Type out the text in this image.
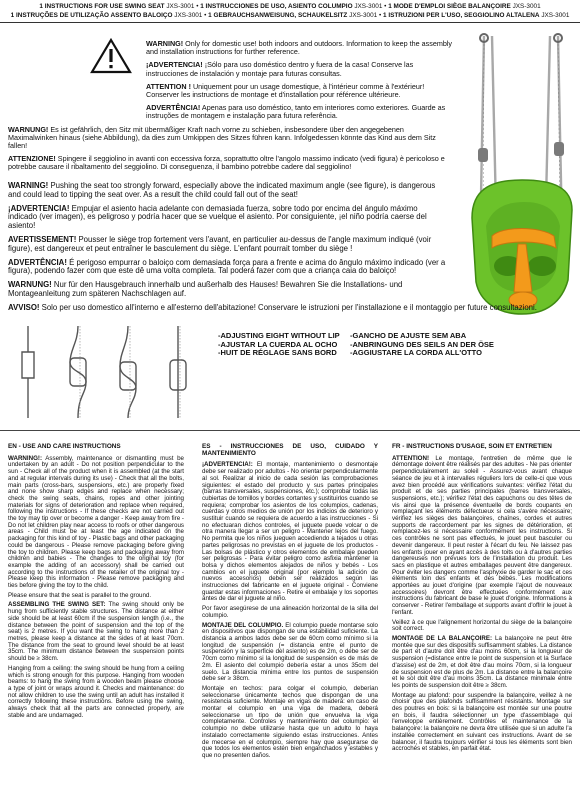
1 INSTRUCTIONS FOR USE SWING SEAT JXS-3001 • 1 INSTRUCCIONES DE USO, ASIENTO COLUMPIO JXS-3001 • 1 MODE D'EMPLOI SIÈGE BALANÇOIRE JXS-3001
1 INSTRUÇÕES DE UTILIZAÇÃO ASSENTO BALOIÇO JXS-3001 • 1 GEBRAUCHSANWEISUNG, SCHAUKELSITZ JXS-3001 • 1 ISTRUZIONI PER L'USO, SEGGIOLINO ALTALENA JXS-3001

WARNING! Only for domestic use! both indoors and outdoors. Information to keep the assembly and installation instructions for further reference.

¡ADVERTENCIA! ¡Sólo para uso doméstico dentro y fuera de la casa! Conserve las instrucciones de instalación y montaje para futuras consultas.

ATTENTION ! Uniquement pour un usage domestique, à l'intérieur comme à l'extérieur! Conserver les instructions de montage et d'installation pour référence ultérieure.

ADVERTÊNCIA! Apenas para uso doméstico, tanto em interiores como exteriores. Guarde as instruções de montagem e instalação para futura referência.

WARNUNG! Es ist gefährlich, den Sitz mit übermäßiger Kraft nach vorne zu schieben, insbesondere über den angegebenen Maximalwinken hinaus (siehe Abbildung), da dies zum Umkippen des Sitzes führen kann. Infolgedessen könnte das Kind aus dem Sitz fallen!

ATTENZIONE! Spingere il seggiolino in avanti con eccessiva forza, soprattutto oltre l'angolo massimo indicato (vedi figura) è pericoloso e potrebbe causare il ribaltamento del seggiolino. Di conseguenza, il bambino potrebbe cadere dal seggiolino!

WARNING! Pushing the seat too strongly forward, especially above the indicated maximum angle (see figure), is dangerous and could lead to tipping the seat over. As a result the child could fall out of the seat!

¡ADVERTENCIA! Empujar el asiento hacia adelante con demasiada fuerza, sobre todo por encima del ángulo máximo indicado (ver imagen), es peligroso y podría hacer que se vuelque el asiento. Por consiguiente, ¡el niño podría caerse del asiento!

AVERTISSEMENT! Pousser le siège trop fortement vers l'avant, en particulier au-dessus de l'angle maximum indiqué (voir figure), est dangereux et peut entraîner le basculement du siège. L'enfant pourrait tomber du siège !

ADVERTÊNCIA! É perigoso empurrar o baloiço com demasiada força para a frente e acima do ângulo máximo indicado (ver a figura), podendo fazer com que este dê uma volta completa. Tal poderá fazer com que a criança caia do baloiço!

WARNUNG! Nur für den Hausgebrauch innerhalb und außerhalb des Hauses! Bewahren Sie die Installations- und Montageanleitung zum späteren Nachschlagen auf.

AVVISO! Solo per uso domestico all'interno e all'esterno dell'abitazione! Conservare le istruzioni per l'installazione e il montaggio per future consultazioni.

-ADJUSTING EIGHT WITHOUT LIP
-AJUSTAR LA CUERDA AL OCHO
-HUIT DE RÉGLAGE SANS BORD
-GANCHO DE AJUSTE SEM ABA
-ANBRINGUNG DES SEILS AN DER ÖSE
-AGGIUSTARE LA CORDA ALL'OTTO

EN - USE AND CARE INSTRUCTIONS

WARNING!: Assembly, maintenance or dismantling must be undertaken by an adult - Do not position perpendicular to the sun - Check all of the product when it is assembled (at the start and at regular intervals during its use) - Check that all the bolts, main parts (cross-bars, suspensions, etc.) are properly fixed and none show sharp edges and replace when necessary; check the swing seats, chains, ropes and other jointing materials for signs of deterioration and replace when required, following the instructions - If these checks are not carried out the toy may tip over or become a danger - Keep away from fire - Do not let children play near access to roofs or other dangerous areas - Child must be at least the age indicated on the packaging for this kind of toy - Plastic bags and other packaging could be dangerous - Please remove packaging before giving the toy to children. Please keep bags and packaging away from children and babies - The changes to the original toy (for example the adding of an accessory) shall be carried out according to the instructions of the retailer of the original toy - Please keep this information - Please remove packaging and ties before giving the toy to the child.

Please ensure that the seat is parallel to the ground.

ASSEMBLING THE SWING SET: The swing should only be hung from sufficiently stable structures. The distance at either side should be at least 60cm if the suspension length (i.e., the distance between the point of suspension and the top of the seat) is 2 metres. If you want the swing to hang more than 2 metres, please keep a distance at the sides of at least 70cm. The distance from the seat to ground level should be at least 35cm. The minimum distance between the suspension points should be ≥ 38cm.

Hanging from a ceiling: the swing should be hung from a ceiling which is strong enough for this purpose. Hanging from wooden beams: to hang the swing from a wooden beam please choose a type of joint or wraps around it. Checks and maintenance: do not allow children to use the swing until an adult has installed it correctly following these instructions. Before using the swing, always check that all the parts are connected properly, are stable and are undamaged.

ES - INSTRUCCIONES DE USO, CUIDADO Y MANTENIMIENTO

¡ADVERTENCIA!: El montaje, mantenimiento o desmontaje debe ser realizado por adultos - No orientar perpendicularmente al sol. Realizar al inicio de cada sesión las comprobaciones siguientes: el estado del producto y sus partes principales (barras transversales, suspensiones, etc.); comprobar todas las cubiertas de tornillos y bordes cortantes y sustituirlos cuando se requiera; comprobar los asientos de los columpios, cadenas, cuerdas y otros medios de unión por los indicios de deterioro y sustituir cuando se requiera de acuerdo a las instrucciones - Si no efectuaran dichos controles, el juguete puede volcar o de otra manera llegar a ser un peligro - Mantener lejos del fuego. No permita que los niños jueguen accediendo a tejados u otras partes peligrosas no previstas en el juguete de los productos - Las bolsas de plástico y otros elementos de embalaje pueden ser peligrosas - Para evitar peligro como asfixia mantener la bolsa y dichos elementos alejados de niños y bebés - Los cambios en el juguete original (por ejemplo la adición de nuevos accesorios) deben ser realizados según las instrucciones del fabricante en el juguete original - Conviene guardar estas informaciones - Retire el embalaje y los soportes antes de dar el juguete al niño.

Por favor asegúrese de una alineación horizontal de la silla del columpio.

MONTAJE DEL COLUMPIO. El columpio puede montarse solo en dispositivos que dispongan de una estabilidad suficiente. La distancia a ambos lados debe ser de 60cm como mínimo si la longitud de suspensión (= distancia entre el punto de suspensión y la superficie del asiento) es de 2m, o debe ser de 70cm como mínimo si la longitud de suspensión es de más de 2m. El asiento del columpio debería estar a unos 35cm del suelo. La distancia mínima entre los puntos de suspensión debe ser ≥ 38cm.

Montaje en techos: para colgar el columpio, deberían seleccionarse únicamente techos que dispongan de una resistencia suficiente. Montaje en vigas de madera: en caso de montar el columpio en una viga de madera, deberá seleccionarse un tipo de unión que envuelva la viga completamente. Controles y mantenimiento del columpio: el columpio no debe utilizarse hasta que un adulto lo haya instalado correctamente siguiendo estas instrucciones. Antes de mecerse en el columpio, siempre hay que asegurarse de que todos los elementos estén bien enganchados y estables y que no presenten daños.

FR - INSTRUCTIONS D'USAGE, SOIN ET ENTRETIEN

ATTENTION! Le montage, l'entretien de même que le démontage doivent être réalisés par des adultes - Ne pas orienter perpendiculairement au soleil - Assurez-vous avant chaque séance de jeu et à intervalles réguliers lors de celle-ci que vous avez bien procédé aux vérifications suivantes: vérifiez l'état du produit et de ses parties principales (barres transversales, suspensions, etc.); vérifiez l'état des capuchons ou des têtes de vis ainsi que la présence éventuelle de bords coupants en remplaçant les éléments défectueux si cela s'avère nécessaire; vérifiez les sièges des balançoires, chaînes, cordes et autres supports de raccordement par les signes de détérioration, et remplacez-les si nécessaire conformément les instructions. Si ces contrôles ne sont pas effectués, le jouet peut basculer ou devenir dangereux. Il peut rester à l'écart du feu. Ne laissez pas les enfants jouer en ayant accès à des toits ou à d'autres parties dangereuses non prévues lors de l'installation du produit. Les sacs en plastique et autres emballages peuvent être dangereux. Pour éviter les dangers comme l'asphyxie de garder le sac et ces éléments loin des enfants et des bébés. Les modifications apportées au jouet d'origine (par exemple l'ajout de nouveaux accessoires) devront être effectuées conformément aux instructions du fabricant de base le jouet d'origine. Informations à conserver - Retirer l'emballage et supports avant d'offrir le jouet à l'enfant.

Veillez à ce que l'alignement horizontal du siège de la balançoire soit correct.

MONTAGE DE LA BALANÇOIRE: La balançoire ne peut être montée que sur des dispositifs suffisamment stables. La distance de part et d'autre doit être d'au moins 60cm, si la longueur de suspension (=distance entre le point de suspension et la Surface d'assise) est de 2m, et doit être d'au moins 70cm, si la longueur de suspension est de plus de 2m. La distance entre la balançoire et le sol doit être d'au moins 35cm. La distance minimale entre les points de suspension doit être ≥ 38cm.

Montage au plafond: pour suspendre la balançoire, veillez à ne choisir que des plafonds suffisamment résistants. Montage sur des poutres en bois: si la balançoire est montée sur une poutre en bois, il faudra sélectionner un type d'assemblage qui l'enveloppe entièrement. Contrôles et maintenance de la balançoire: la balançoire ne devra être utilisée que si un adulte l'a installée correctement en suivant ces instructions. Avant de se balancer, il faudra toujours vérifier si tous les éléments sont bien accrochés et stables, en parfait état.
